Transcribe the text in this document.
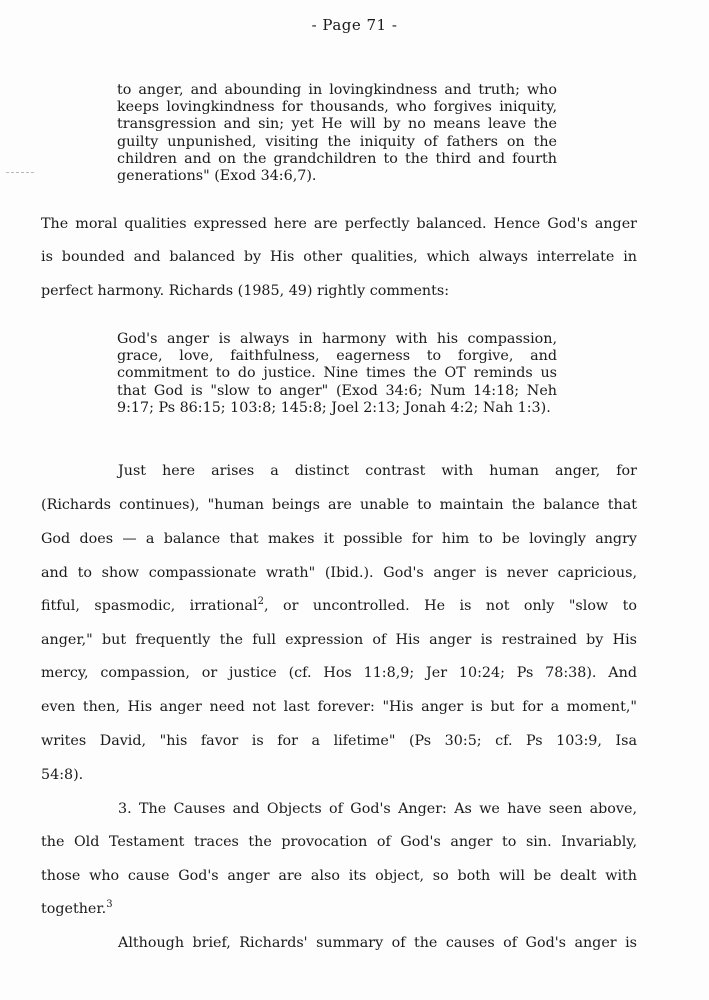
- Page 71 -
to anger, and abounding in lovingkindness and truth; who keeps lovingkindness for thousands, who forgives iniquity, transgression and sin; yet He will by no means leave the guilty unpunished, visiting the iniquity of fathers on the children and on the grandchildren to the third and fourth generations" (Exod 34:6,7).
The moral qualities expressed here are perfectly balanced. Hence God's anger
is bounded and balanced by His other qualities, which always interrelate in
perfect harmony. Richards (1985, 49) rightly comments:
God's anger is always in harmony with his compassion, grace, love, faithfulness, eagerness to forgive, and commitment to do justice. Nine times the OT reminds us that God is "slow to anger" (Exod 34:6; Num 14:18; Neh 9:17; Ps 86:15; 103:8; 145:8; Joel 2:13; Jonah 4:2; Nah 1:3).
Just here arises a distinct contrast with human anger, for
(Richards continues), "human beings are unable to maintain the balance that
God does — a balance that makes it possible for him to be lovingly angry
and to show compassionate wrath" (Ibid.). God's anger is never capricious,
fitful, spasmodic, irrational$^2$, or uncontrolled. He is not only "slow to
anger," but frequently the full expression of His anger is restrained by His
mercy, compassion, or justice (cf. Hos 11:8,9; Jer 10:24; Ps 78:38). And
even then, His anger need not last forever: "His anger is but for a moment,"
writes David, "his favor is for a lifetime" (Ps 30:5; cf. Ps 103:9, Isa
54:8).
3. The Causes and Objects of God's Anger: As we have seen above,
the Old Testament traces the provocation of God's anger to sin. Invariably,
those who cause God's anger are also its object, so both will be dealt with
together.$^3$
Although brief, Richards' summary of the causes of God's anger is
